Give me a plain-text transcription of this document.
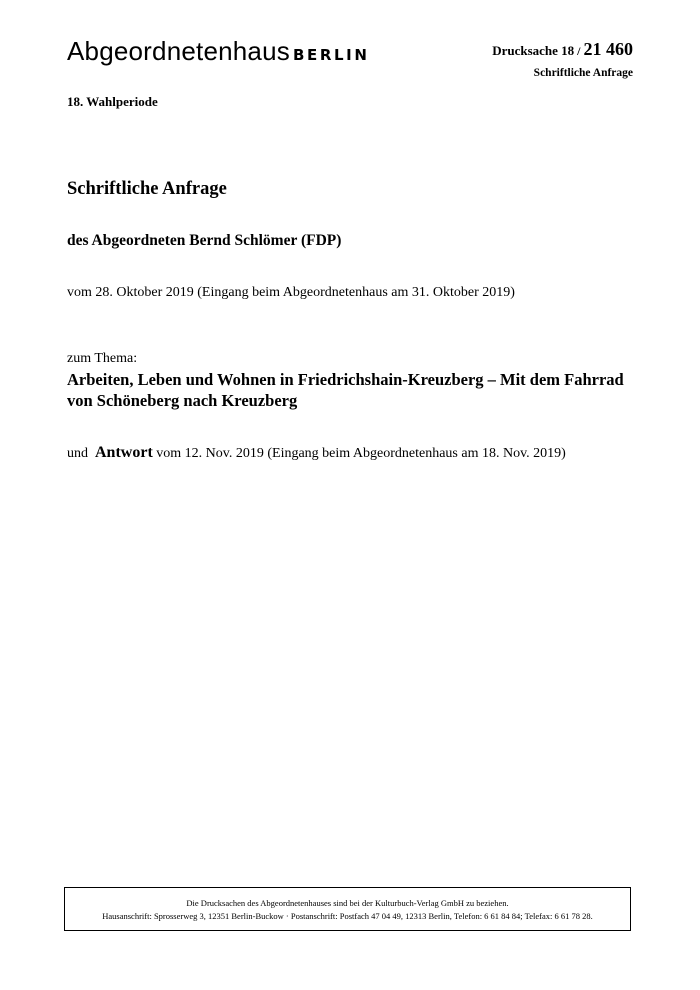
Abgeordnetenhaus BERLIN	Drucksache 18 / 21 460
Schriftliche Anfrage
18. Wahlperiode
Schriftliche Anfrage
des Abgeordneten Bernd Schlömer (FDP)
vom 28. Oktober 2019 (Eingang beim Abgeordnetenhaus am 31. Oktober 2019)
zum Thema:
Arbeiten, Leben und Wohnen in Friedrichshain-Kreuzberg – Mit dem Fahrrad
von Schöneberg nach Kreuzberg
und Antwort vom 12. Nov. 2019 (Eingang beim Abgeordnetenhaus am 18. Nov. 2019)
Die Drucksachen des Abgeordnetenhauses sind bei der Kulturbuch-Verlag GmbH zu beziehen.
Hausanschrift: Sprosserweg 3, 12351 Berlin-Buckow · Postanschrift: Postfach 47 04 49, 12313 Berlin, Telefon: 6 61 84 84; Telefax: 6 61 78 28.
